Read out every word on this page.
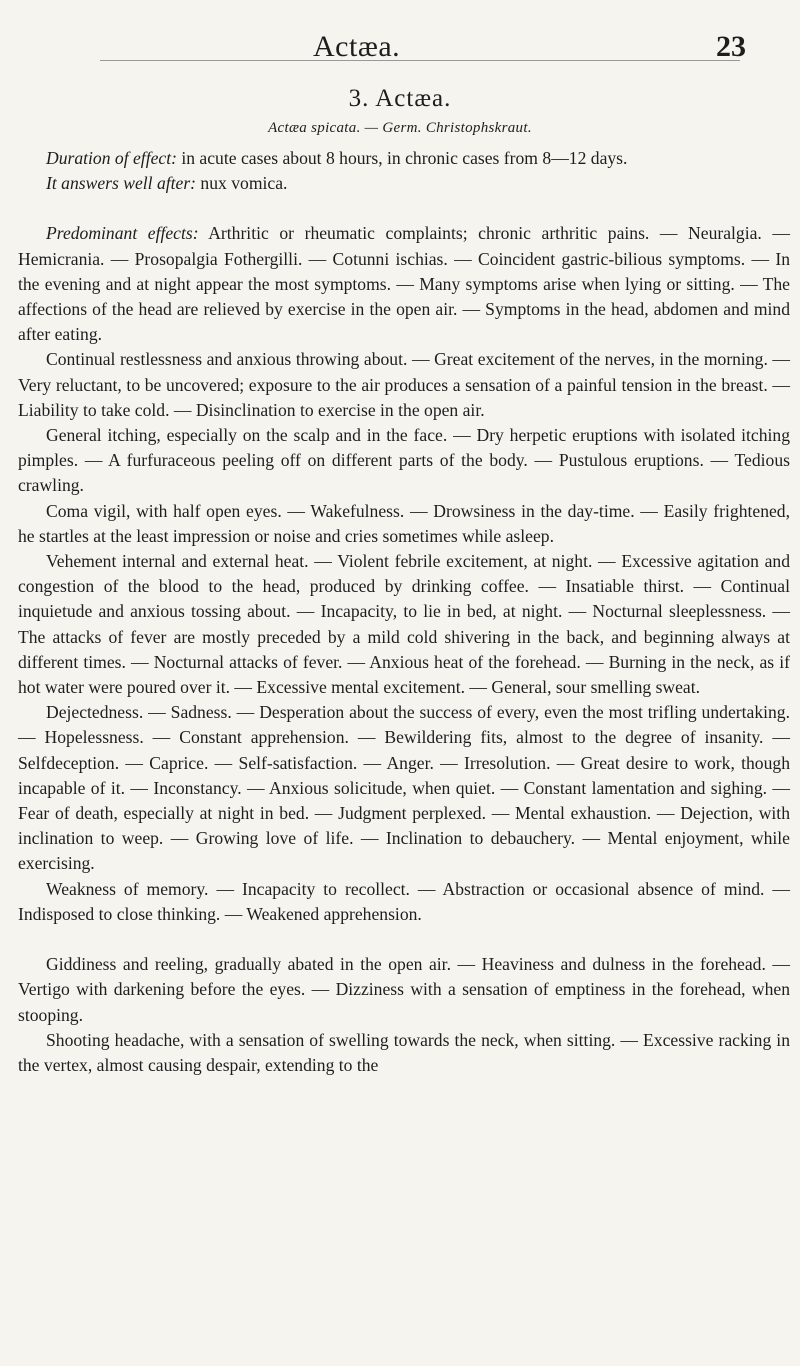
Actæa.	23
3. Actæa.
Actæa spicata. — Germ. Christophskraut.

Duration of effect: in acute cases about 8 hours, in chronic cases from 8—12 days.

It answers well after: nux vomica.

Predominant effects: Arthritic or rheumatic complaints; chronic arthritic pains. — Neuralgia. — Hemicrania. — Prosopalgia Fothergilli. — Cotunni ischias. — Coincident gastric-bilious symptoms. — In the evening and at night appear the most symptoms. — Many symptoms arise when lying or sitting. — The affections of the head are relieved by exercise in the open air. — Symptoms in the head, abdomen and mind after eating.

Continual restlessness and anxious throwing about. — Great excitement of the nerves, in the morning. — Very reluctant, to be uncovered; exposure to the air produces a sensation of a painful tension in the breast. — Liability to take cold. — Disinclination to exercise in the open air.

General itching, especially on the scalp and in the face. — Dry herpetic eruptions with isolated itching pimples. — A furfuraceous peeling off on different parts of the body. — Pustulous eruptions. — Tedious crawling.

Coma vigil, with half open eyes. — Wakefulness. — Drowsiness in the day-time. — Easily frightened, he startles at the least impression or noise and cries sometimes while asleep.

Vehement internal and external heat. — Violent febrile excitement, at night. — Excessive agitation and congestion of the blood to the head, produced by drinking coffee. — Insatiable thirst. — Continual inquietude and anxious tossing about. — Incapacity, to lie in bed, at night. — Nocturnal sleeplessness. — The attacks of fever are mostly preceded by a mild cold shivering in the back, and beginning always at different times. — Nocturnal attacks of fever. — Anxious heat of the forehead. — Burning in the neck, as if hot water were poured over it. — Excessive mental excitement. — General, sour smelling sweat.

Dejectedness. — Sadness. — Desperation about the success of every, even the most trifling undertaking. — Hopelessness. — Constant apprehension. — Bewildering fits, almost to the degree of insanity. — Selfdeception. — Caprice. — Self-satisfaction. — Anger. — Irresolution. — Great desire to work, though incapable of it. — Inconstancy. — Anxious solicitude, when quiet. — Constant lamentation and sighing. — Fear of death, especially at night in bed. — Judgment perplexed. — Mental exhaustion. — Dejection, with inclination to weep. — Growing love of life. — Inclination to debauchery. — Mental enjoyment, while exercising.

Weakness of memory. — Incapacity to recollect. — Abstraction or occasional absence of mind. — Indisposed to close thinking. — Weakened apprehension.

Giddiness and reeling, gradually abated in the open air. — Heaviness and dulness in the forehead. — Vertigo with darkening before the eyes. — Dizziness with a sensation of emptiness in the forehead, when stooping.

Shooting headache, with a sensation of swelling towards the neck, when sitting. — Excessive racking in the vertex, almost causing despair, extending to the
